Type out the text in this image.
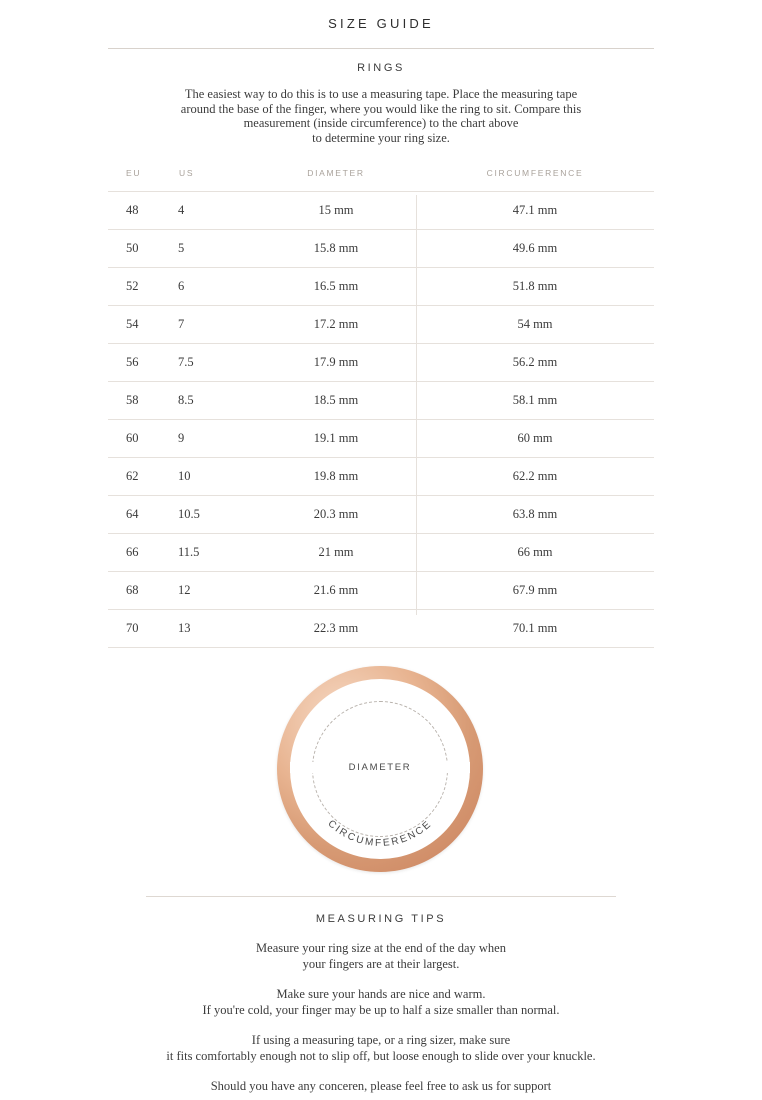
SIZE GUIDE
RINGS
The easiest way to do this is to use a measuring tape. Place the measuring tape
around the base of the finger, where you would like the ring to sit. Compare this
measurement (inside circumference) to the chart above
to determine your ring size.
EU	US	DIAMETER	CIRCUMFERENCE
48	4	15 mm	47.1 mm
50	5	15.8 mm	49.6 mm
52	6	16.5 mm	51.8 mm
54	7	17.2 mm	54 mm
56	7.5	17.9 mm	56.2 mm
58	8.5	18.5 mm	58.1 mm
60	9	19.1 mm	60 mm
62	10	19.8 mm	62.2 mm
64	10.5	20.3 mm	63.8 mm
66	11.5	21 mm	66 mm
68	12	21.6 mm	67.9 mm
70	13	22.3 mm	70.1 mm
DIAMETER
CIRCUMFERENCE
MEASURING TIPS

Measure your ring size at the end of the day when
your fingers are at their largest.

Make sure your hands are nice and warm.
If you're cold, your finger may be up to half a size smaller than normal.

If using a measuring tape, or a ring sizer, make sure
it fits comfortably enough not to slip off, but loose enough to slide over your knuckle.

Should you have any conceren, please feel free to ask us for support
